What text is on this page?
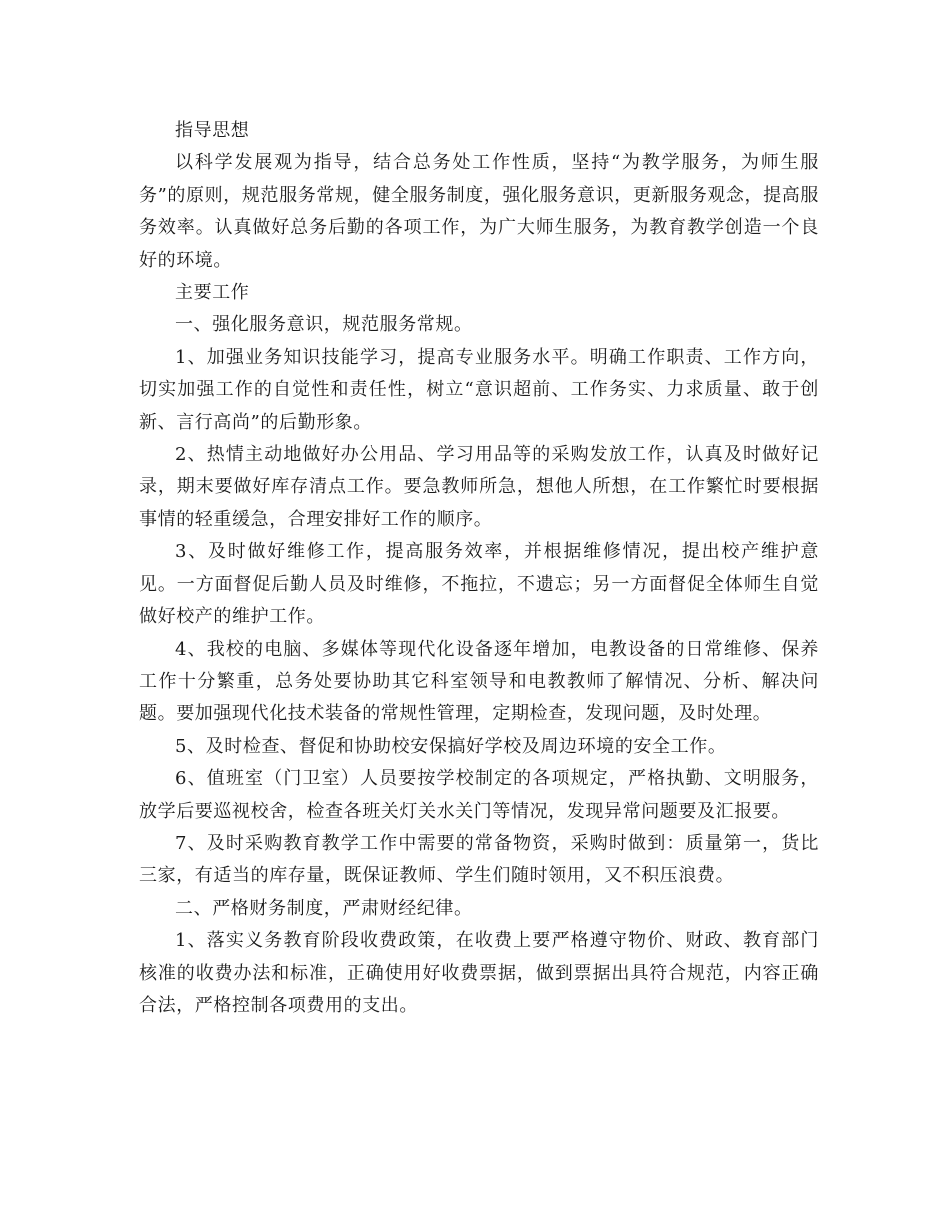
指导思想

以科学发展观为指导，结合总务处工作性质，坚持“为教学服务，为师生服务”的原则，规范服务常规，健全服务制度，强化服务意识，更新服务观念，提高服务效率。认真做好总务后勤的各项工作，为广大师生服务，为教育教学创造一个良好的环境。

主要工作

一、强化服务意识，规范服务常规。

1、加强业务知识技能学习，提高专业服务水平。明确工作职责、工作方向，切实加强工作的自觉性和责任性，树立“意识超前、工作务实、力求质量、敢于创新、言行高尚”的后勤形象。

2、热情主动地做好办公用品、学习用品等的采购发放工作，认真及时做好记录，期末要做好库存清点工作。要急教师所急，想他人所想，在工作繁忙时要根据事情的轻重缓急，合理安排好工作的顺序。

3、及时做好维修工作，提高服务效率，并根据维修情况，提出校产维护意见。一方面督促后勤人员及时维修，不拖拉，不遗忘；另一方面督促全体师生自觉做好校产的维护工作。

4、我校的电脑、多媒体等现代化设备逐年增加，电教设备的日常维修、保养工作十分繁重，总务处要协助其它科室领导和电教教师了解情况、分析、解决问题。要加强现代化技术装备的常规性管理，定期检查，发现问题，及时处理。

5、及时检查、督促和协助校安保搞好学校及周边环境的安全工作。

6、值班室（门卫室）人员要按学校制定的各项规定，严格执勤、文明服务，放学后要巡视校舍，检查各班关灯关水关门等情况，发现异常问题要及汇报要。

7、及时采购教育教学工作中需要的常备物资，采购时做到：质量第一，货比三家，有适当的库存量，既保证教师、学生们随时领用，又不积压浪费。

二、严格财务制度，严肃财经纪律。

1、落实义务教育阶段收费政策，在收费上要严格遵守物价、财政、教育部门核准的收费办法和标准，正确使用好收费票据，做到票据出具符合规范，内容正确合法，严格控制各项费用的支出。
